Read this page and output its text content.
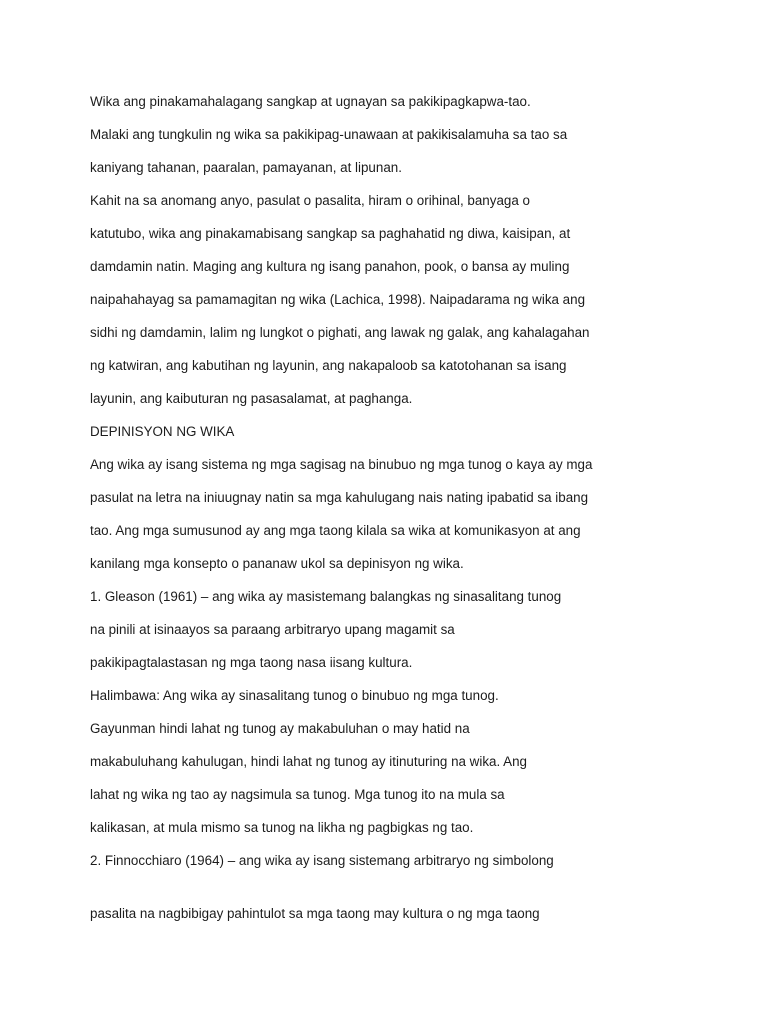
Wika ang pinakamahalagang sangkap at ugnayan sa pakikipagkapwa-tao.

Malaki ang tungkulin ng wika sa pakikipag-unawaan at pakikisalamuha sa tao sa

kaniyang tahanan, paaralan, pamayanan, at lipunan.

Kahit na sa anomang anyo, pasulat o pasalita, hiram o orihinal, banyaga o

katutubo, wika ang pinakamabisang sangkap sa paghahatid ng diwa, kaisipan, at

damdamin natin. Maging ang kultura ng isang panahon, pook, o bansa ay muling

naipahahayag sa pamamagitan ng wika (Lachica, 1998). Naipadarama ng wika ang

sidhi ng damdamin, lalim ng lungkot o pighati, ang lawak ng galak, ang kahalagahan

ng katwiran, ang kabutihan ng layunin, ang nakapaloob sa katotohanan sa isang

layunin, ang kaibuturan ng pasasalamat, at paghanga.

DEPINISYON NG WIKA

Ang wika ay isang sistema ng mga sagisag na binubuo ng mga tunog o kaya ay mga

pasulat na letra na iniuugnay natin sa mga kahulugang nais nating ipabatid sa ibang

tao. Ang mga sumusunod ay ang mga taong kilala sa wika at komunikasyon at ang

kanilang mga konsepto o pananaw ukol sa depinisyon ng wika.

1. Gleason (1961) – ang wika ay masistemang balangkas ng sinasalitang tunog

na pinili at isinaayos sa paraang arbitraryo upang magamit sa

pakikipagtalastasan ng mga taong nasa iisang kultura.

Halimbawa: Ang wika ay sinasalitang tunog o binubuo ng mga tunog.

Gayunman hindi lahat ng tunog ay makabuluhan o may hatid na

makabuluhang kahulugan, hindi lahat ng tunog ay itinuturing na wika. Ang

lahat ng wika ng tao ay nagsimula sa tunog. Mga tunog ito na mula sa

kalikasan, at mula mismo sa tunog na likha ng pagbigkas ng tao.

2. Finnocchiaro (1964) – ang wika ay isang sistemang arbitraryo ng simbolong

pasalita na nagbibigay pahintulot sa mga taong may kultura o ng mga taong
